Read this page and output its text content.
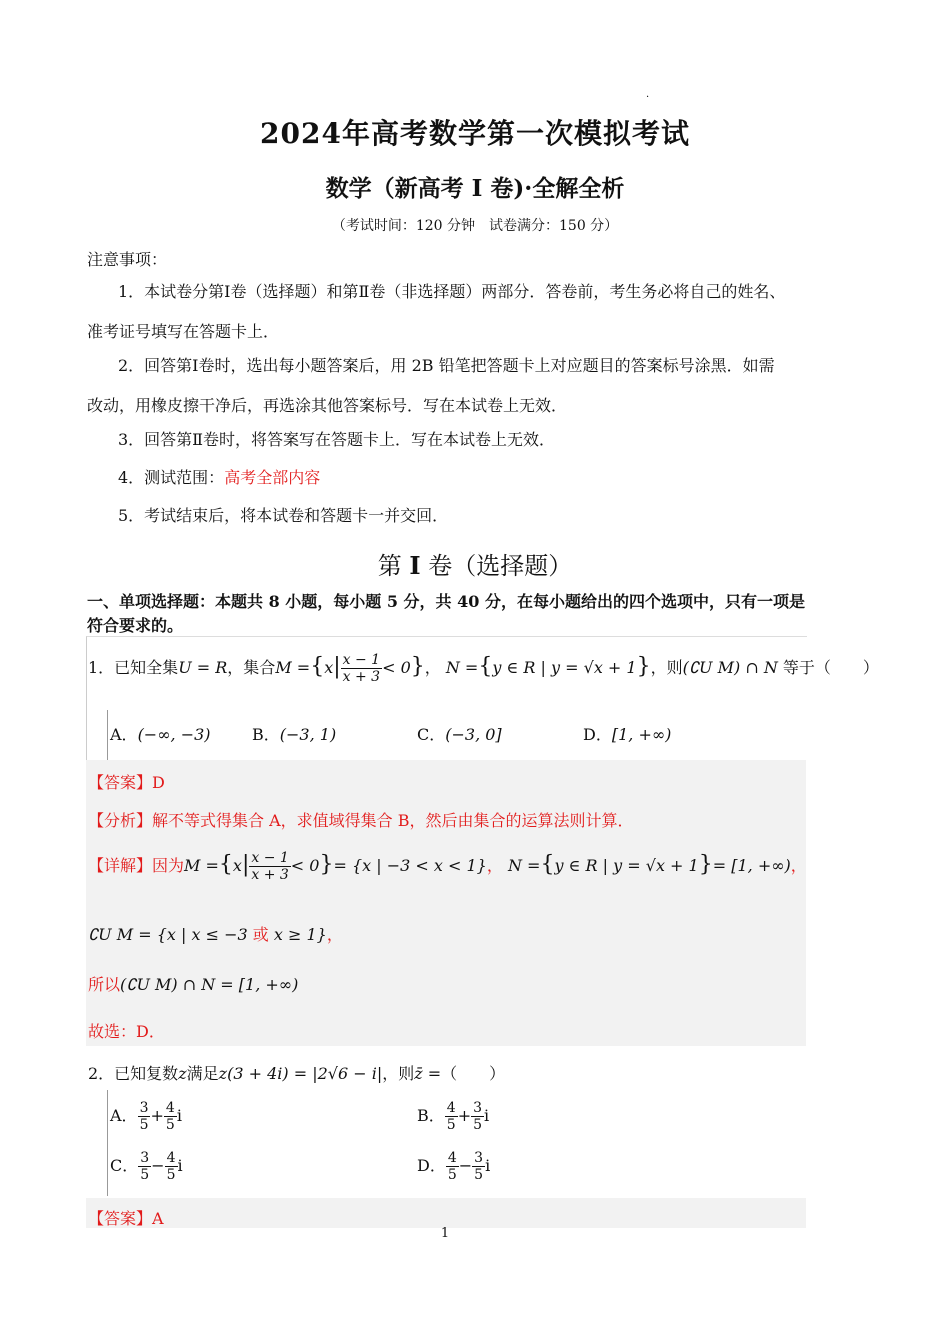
·
2024年高考数学第一次模拟考试
数学（新高考 I 卷)·全解全析
（考试时间：120 分钟　试卷满分：150 分）
注意事项：
1．本试卷分第Ⅰ卷（选择题）和第Ⅱ卷（非选择题）两部分．答卷前，考生务必将自己的姓名、
准考证号填写在答题卡上．
2．回答第Ⅰ卷时，选出每小题答案后，用 2B 铅笔把答题卡上对应题目的答案标号涂黑．如需
改动，用橡皮擦干净后，再选涂其他答案标号．写在本试卷上无效．
3．回答第Ⅱ卷时，将答案写在答题卡上．写在本试卷上无效．
4．测试范围：高考全部内容
5．考试结束后，将本试卷和答题卡一并交回．
第 I 卷（选择题）
一、单项选择题：本题共 8 小题，每小题 5 分，共 40 分，在每小题给出的四个选项中，只有一项是符合要求的。
1．已知全集U = R，集合$M =\{x| \frac{x - 1}{x + 3} < 0\}$， N ={y ∈ R | y = √x + 1}，则(∁U M) ∩ N 等于（　　）
A．(−∞, −3)	B．(−3, 1)	C．(−3, 0]	D．[1, +∞)
【答案】D
【分析】解不等式得集合 A，求值域得集合 B，然后由集合的运算法则计算．
【详解】因为$M =\{x| \frac{x - 1}{x + 3} < 0\}= \{x$ | −3 < x < 1}， N ={y ∈ R | y = √x + 1}= [1, +∞)，
∁U M = {x | x ≤ −3 或 x ≥ 1}，
所以(∁U M) ∩ N = [1, +∞)
故选：D．
2．已知复数z满足z(3 + 4i) = |2√6 − i|，则z̄ =（　　）
A． $\frac{3}{5} + \frac{4}{5}$ i	B． $\frac{4}{5} + \frac{3}{5}$ i
C． $\frac{3}{5} - \frac{4}{5}$ i	D． $\frac{4}{5} - \frac{3}{5}$ i
【答案】A
1
